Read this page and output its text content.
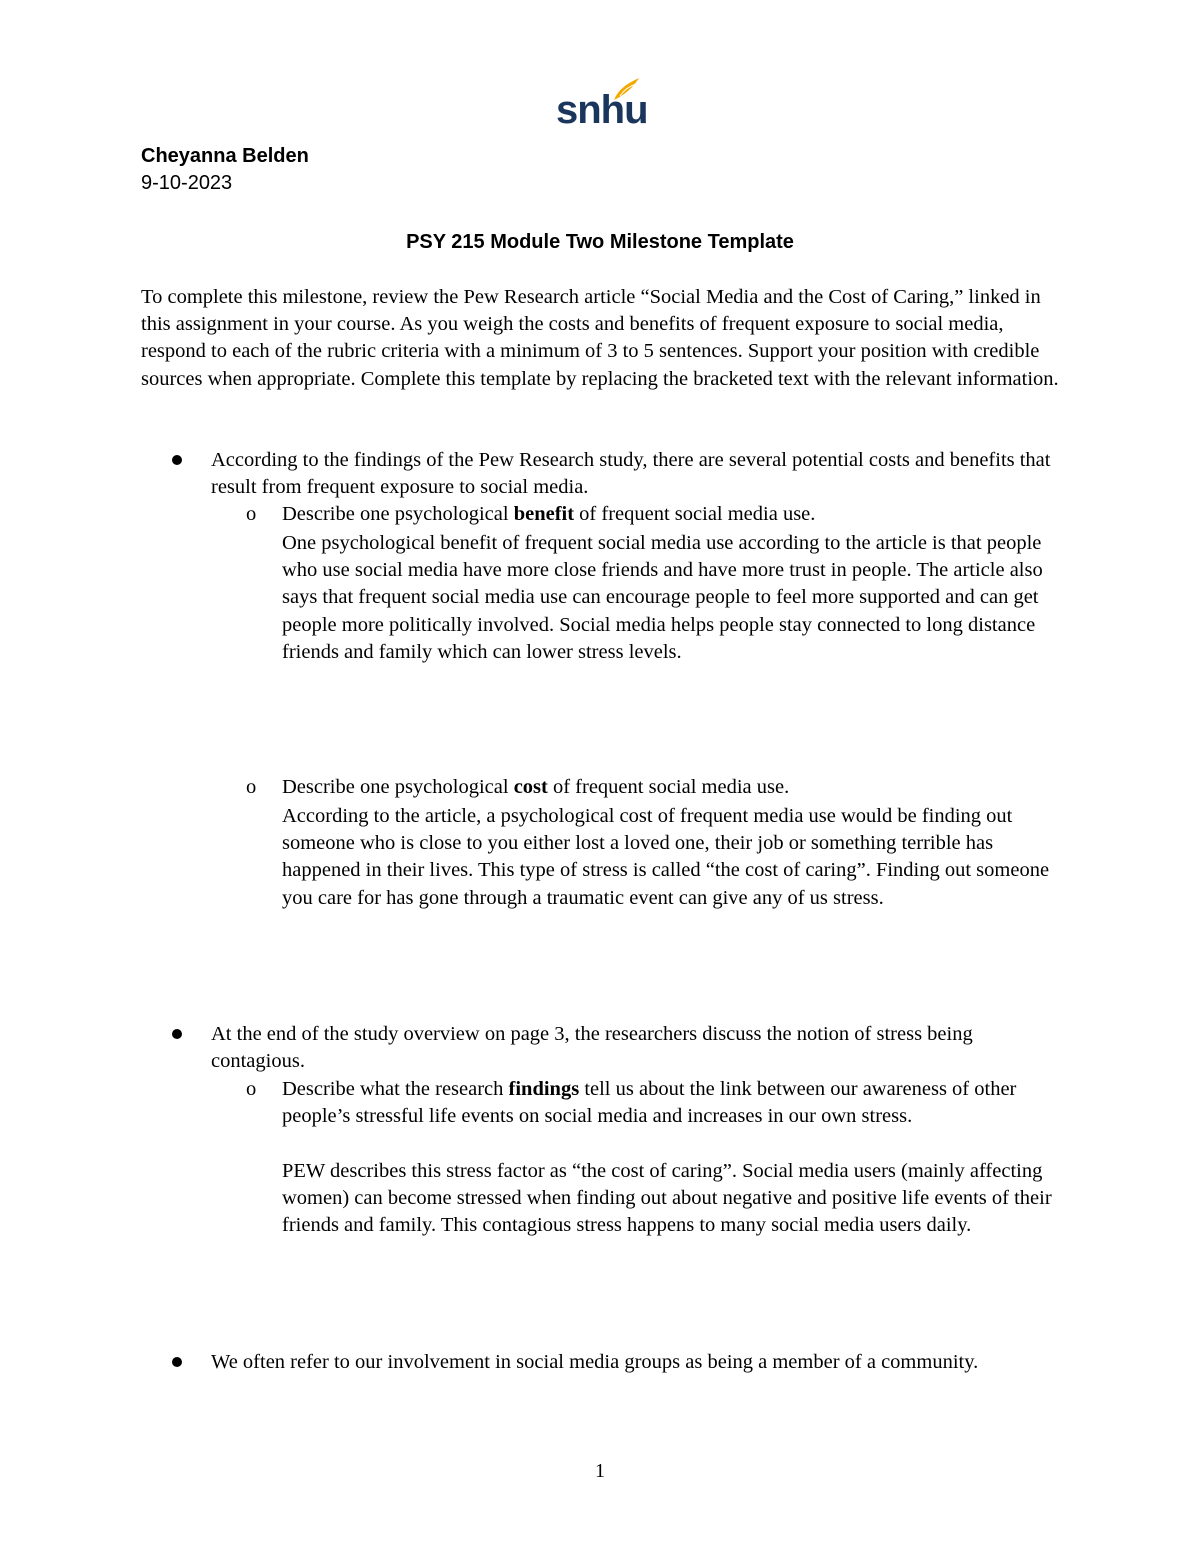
snhu
Cheyanna Belden
9-10-2023
PSY 215 Module Two Milestone Template

To complete this milestone, review the Pew Research article “Social Media and the Cost of Caring,” linked in this assignment in your course. As you weigh the costs and benefits of frequent exposure to social media, respond to each of the rubric criteria with a minimum of 3 to 5 sentences. Support your position with credible sources when appropriate. Complete this template by replacing the bracketed text with the relevant information.

According to the findings of the Pew Research study, there are several potential costs and benefits that result from frequent exposure to social media.

o Describe one psychological benefit of frequent social media use.

One psychological benefit of frequent social media use according to the article is that people who use social media have more close friends and have more trust in people. The article also says that frequent social media use can encourage people to feel more supported and can get people more politically involved. Social media helps people stay connected to long distance friends and family which can lower stress levels.

o Describe one psychological cost of frequent social media use.

According to the article, a psychological cost of frequent media use would be finding out someone who is close to you either lost a loved one, their job or something terrible has happened in their lives. This type of stress is called “the cost of caring”. Finding out someone you care for has gone through a traumatic event can give any of us stress.

At the end of the study overview on page 3, the researchers discuss the notion of stress being contagious.

o Describe what the research findings tell us about the link between our awareness of other people’s stressful life events on social media and increases in our own stress.

PEW describes this stress factor as “the cost of caring”. Social media users (mainly affecting women) can become stressed when finding out about negative and positive life events of their friends and family. This contagious stress happens to many social media users daily.

We often refer to our involvement in social media groups as being a member of a community.

1
